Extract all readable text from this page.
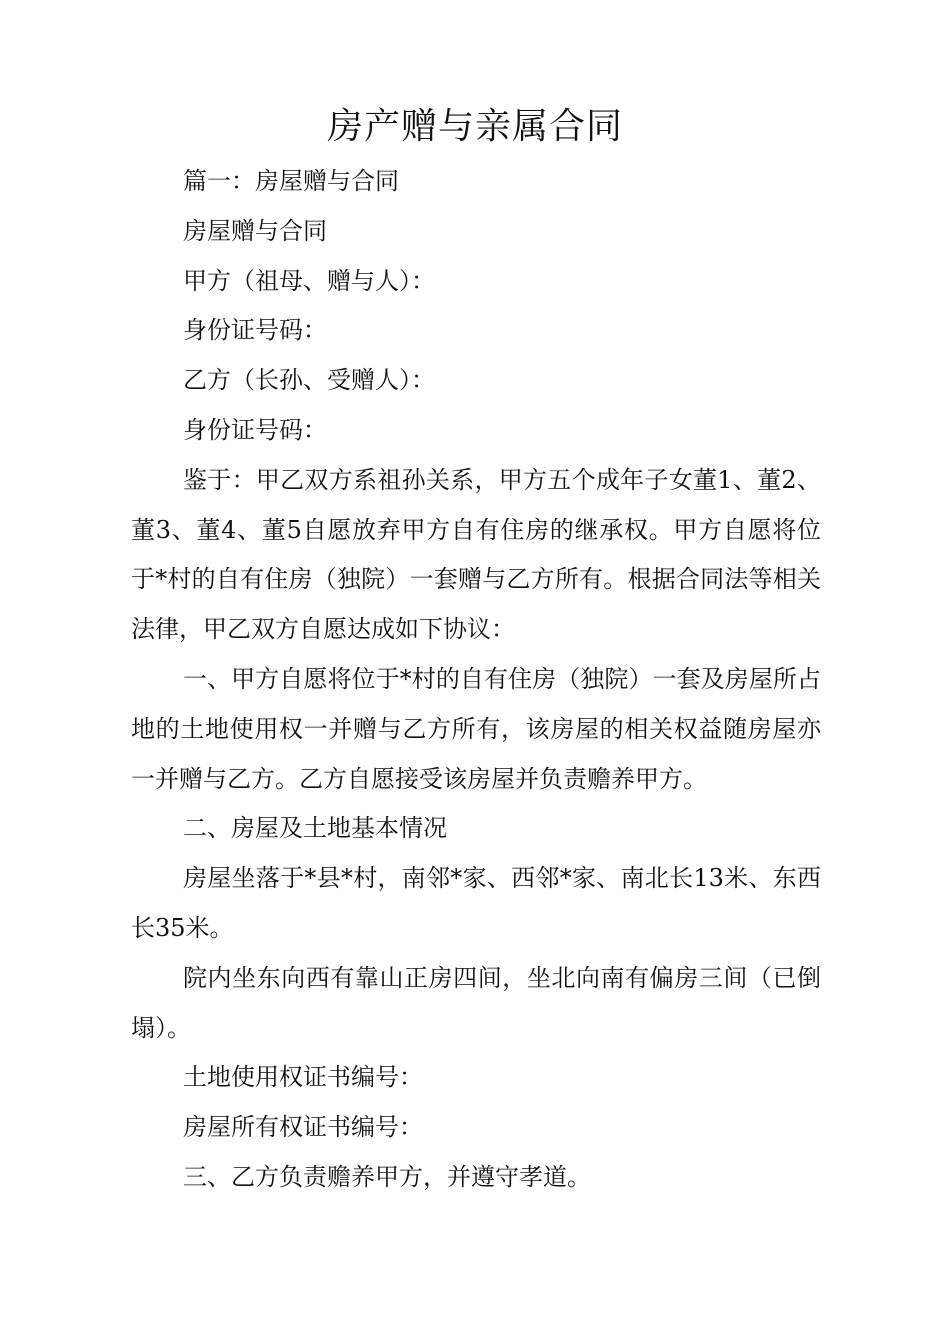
房产赠与亲属合同

篇一：房屋赠与合同

房屋赠与合同

甲方（祖母、赠与人）：

身份证号码：

乙方（长孙、受赠人）：

身份证号码：

鉴于：甲乙双方系祖孙关系，甲方五个成年子女董1、董2、董3、董4、董5自愿放弃甲方自有住房的继承权。甲方自愿将位于*村的自有住房（独院）一套赠与乙方所有。根据合同法等相关法律，甲乙双方自愿达成如下协议：

一、甲方自愿将位于*村的自有住房（独院）一套及房屋所占地的土地使用权一并赠与乙方所有，该房屋的相关权益随房屋亦一并赠与乙方。乙方自愿接受该房屋并负责赡养甲方。

二、房屋及土地基本情况

房屋坐落于*县*村，南邻*家、西邻*家、南北长13米、东西长35米。

院内坐东向西有靠山正房四间，坐北向南有偏房三间（已倒塌）。

土地使用权证书编号：

房屋所有权证书编号：

三、乙方负责赡养甲方，并遵守孝道。
